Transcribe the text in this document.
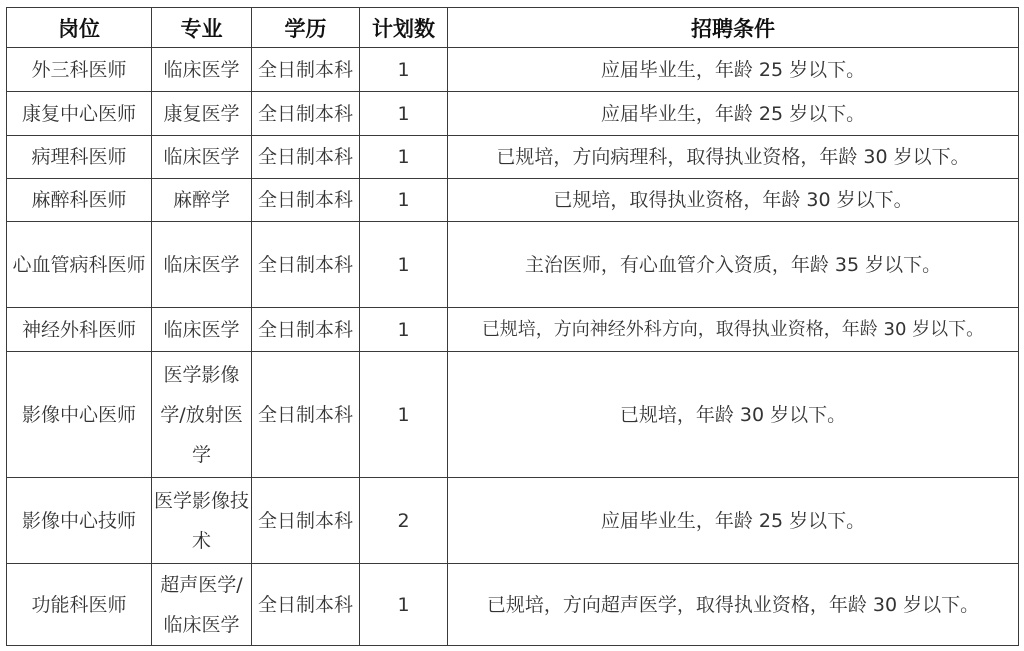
岗位	专业	学历	计划数	招聘条件
外三科医师	临床医学	全日制本科	1	应届毕业生，年龄 25 岁以下。
康复中心医师	康复医学	全日制本科	1	应届毕业生，年龄 25 岁以下。
病理科医师	临床医学	全日制本科	1	已规培，方向病理科，取得执业资格，年龄 30 岁以下。
麻醉科医师	麻醉学	全日制本科	1	已规培，取得执业资格，年龄 30 岁以下。
心血管病科医师	临床医学	全日制本科	1	主治医师，有心血管介入资质，年龄 35 岁以下。
神经外科医师	临床医学	全日制本科	1	已规培，方向神经外科方向，取得执业资格，年龄 30 岁以下。
影像中心医师	医学影像学/放射医学	全日制本科	1	已规培，年龄 30 岁以下。
影像中心技师	医学影像技术	全日制本科	2	应届毕业生，年龄 25 岁以下。
功能科医师	超声医学/临床医学	全日制本科	1	已规培，方向超声医学，取得执业资格，年龄 30 岁以下。
